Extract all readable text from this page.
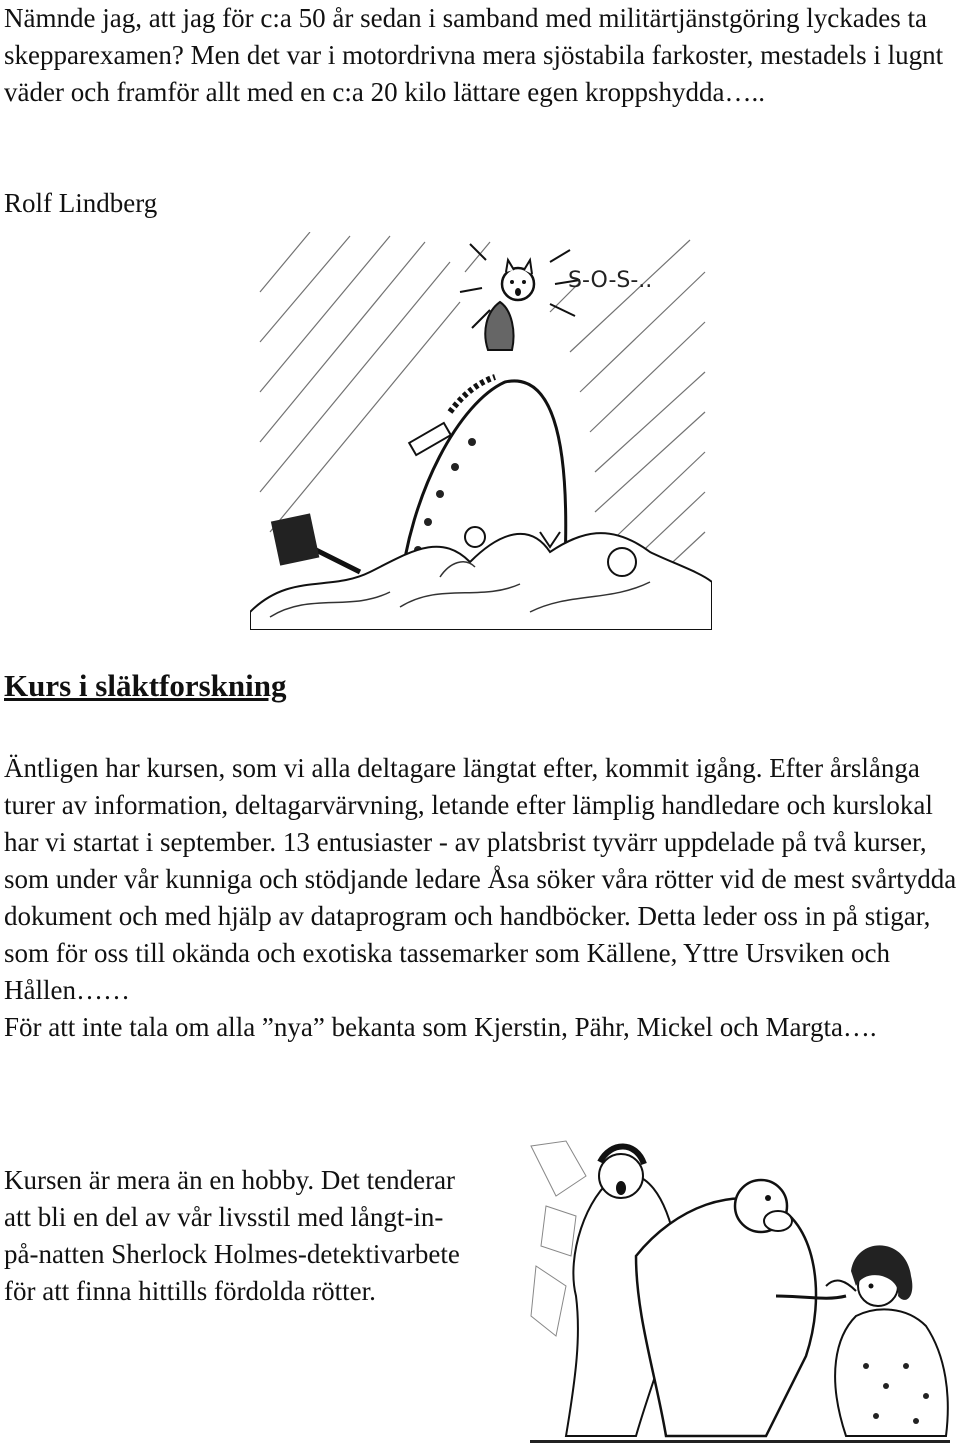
Nämnde jag, att jag för c:a 50 år sedan i samband med militärtjänstgöring lyckades ta skepparexamen? Men det var i motordrivna mera sjöstabila farkoster, mestadels i lugnt väder och framför allt med en c:a 20 kilo lättare egen kroppshydda…..

Rolf Lindberg

S-O-S-..
Kurs i släktforskning

Äntligen har kursen, som vi alla deltagare längtat efter, kommit igång. Efter årslånga turer av information, deltagarvärvning, letande efter lämplig handledare och kurslokal har vi startat i september. 13 entusiaster - av platsbrist tyvärr uppdelade på två kurser, som under vår kunniga och stödjande ledare Åsa söker våra rötter vid de mest svårtydda dokument och med hjälp av dataprogram och handböcker. Detta leder oss in på stigar, som för oss till okända och exotiska tassemarker som Källene, Yttre Ursviken och Hållen……
För att inte tala om alla ”nya” bekanta som Kjerstin, Pähr, Mickel och Margta….

Kursen är mera än en hobby. Det tenderar att bli en del av vår livsstil med långt-in-på-natten Sherlock Holmes-detektivarbete för att finna hittills fördolda rötter.
